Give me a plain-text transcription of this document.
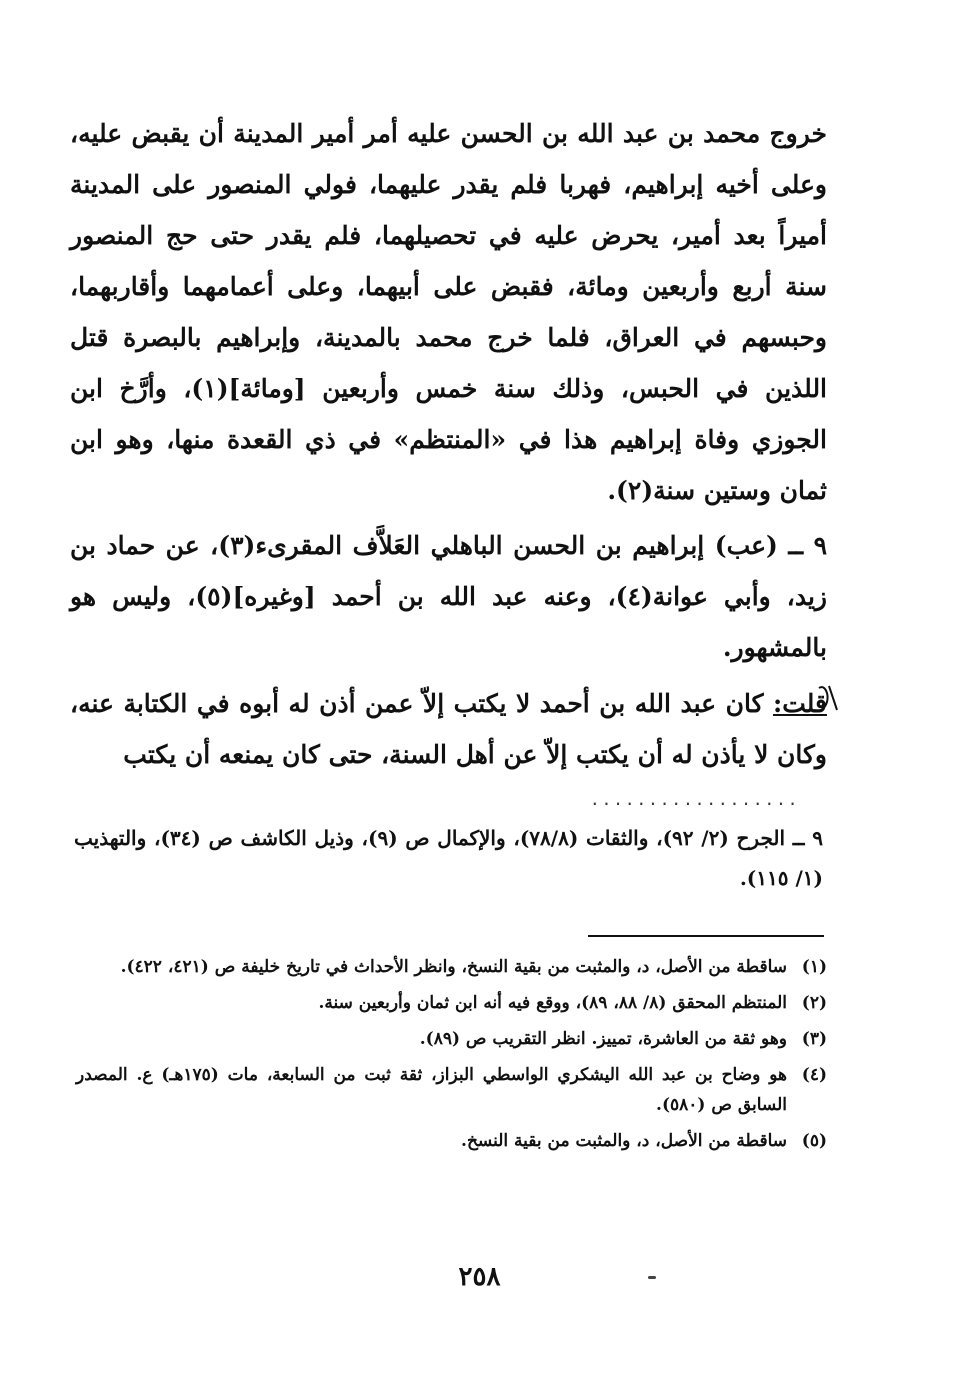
خروج محمد بن عبد الله بن الحسن عليه أمر أمير المدينة أن يقبض عليه، وعلى أخيه إبراهيم، فهربا فلم يقدر عليهما، فولي المنصور على المدينة أميراً بعد أمير، يحرض عليه في تحصيلهما، فلم يقدر حتى حج المنصور سنة أربع وأربعين ومائة، فقبض على أبيهما، وعلى أعمامهما وأقاربهما، وحبسهم في العراق، فلما خرج محمد بالمدينة، وإبراهيم بالبصرة قتل اللذين في الحبس، وذلك سنة خمس وأربعين [ومائة](١)، وأرَّخ ابن الجوزي وفاة إبراهيم هذا في «المنتظم» في ذي القعدة منها، وهو ابن ثمان وستين سنة(٢).

٩ ــ (عب) إبراهيم بن الحسن الباهلي العَلاَّف المقرىء(٣)، عن حماد بن زيد، وأبي عوانة(٤)، وعنه عبد الله بن أحمد [وغيره](٥)، وليس هو بالمشهور.

قلت: كان عبد الله بن أحمد لا يكتب إلاّ عمن أذن له أبوه في الكتابة عنه، وكان لا يأذن له أن يكتب إلاّ عن أهل السنة، حتى كان يمنعه أن يكتب

..................
٩ ــ الجرح (٢/ ٩٢)، والثقات (٧٨/٨)، والإكمال ص (٩)، وذيل الكاشف ص (٣٤)، والتهذيب (١/ ١١٥).
(١)
ساقطة من الأصل، د، والمثبت من بقية النسخ، وانظر الأحداث في تاريخ خليفة ص (٤٢١، ٤٢٢).
(٢)
المنتظم المحقق (٨/ ٨٨، ٨٩)، ووقع فيه أنه ابن ثمان وأربعين سنة.
(٣)
وهو ثقة من العاشرة، تمييز. انظر التقريب ص (٨٩).
(٤)
هو وضاح بن عبد الله اليشكري الواسطي البزاز، ثقة ثبت من السابعة، مات (١٧٥هـ) ع. المصدر السابق ص (٥٨٠).
(٥)
ساقطة من الأصل، د، والمثبت من بقية النسخ.
٢٥٨
